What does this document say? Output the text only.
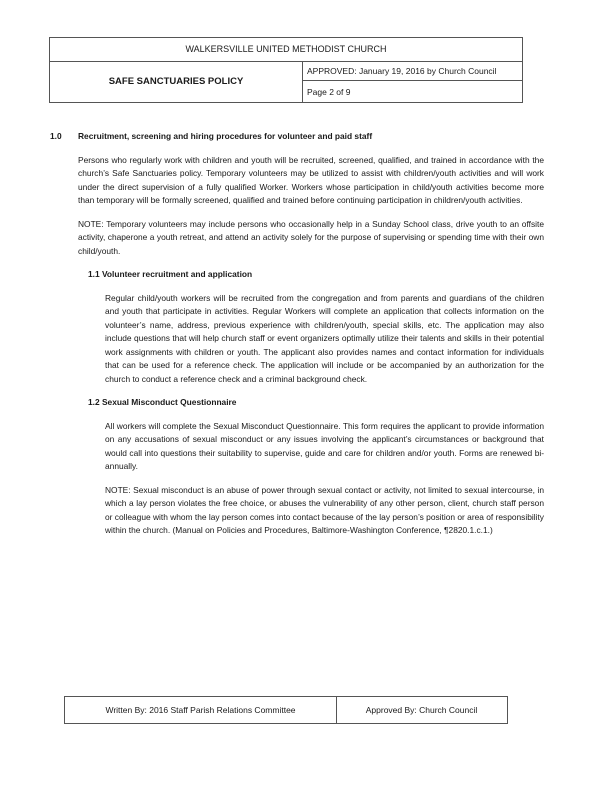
WALKERSVILLE UNITED METHODIST CHURCH
SAFE SANCTUARIES POLICY
APPROVED: January 19, 2016 by Church Council
Page 2 of 9
1.0	Recruitment, screening and hiring procedures for volunteer and paid staff

Persons who regularly work with children and youth will be recruited, screened, qualified, and trained in accordance with the church’s Safe Sanctuaries policy. Temporary volunteers may be utilized to assist with children/youth activities and will work under the direct supervision of a fully qualified Worker. Workers whose participation in child/youth activities become more than temporary will be formally screened, qualified and trained before continuing participation in children/youth activities.

NOTE: Temporary volunteers may include persons who occasionally help in a Sunday School class, drive youth to an offsite activity, chaperone a youth retreat, and attend an activity solely for the purpose of supervising or spending time with their own child/youth.

1.1 Volunteer recruitment and application

Regular child/youth workers will be recruited from the congregation and from parents and guardians of the children and youth that participate in activities. Regular Workers will complete an application that collects information on the volunteer’s name, address, previous experience with children/youth, special skills, etc. The application may also include questions that will help church staff or event organizers optimally utilize their talents and skills in their potential work assignments with children or youth. The applicant also provides names and contact information for individuals that can be used for a reference check. The application will include or be accompanied by an authorization for the church to conduct a reference check and a criminal background check.

1.2 Sexual Misconduct Questionnaire

All workers will complete the Sexual Misconduct Questionnaire. This form requires the applicant to provide information on any accusations of sexual misconduct or any issues involving the applicant’s circumstances or background that would call into questions their suitability to supervise, guide and care for children and/or youth. Forms are renewed bi-annually.

NOTE: Sexual misconduct is an abuse of power through sexual contact or activity, not limited to sexual intercourse, in which a lay person violates the free choice, or abuses the vulnerability of any other person, client, church staff person or colleague with whom the lay person comes into contact because of the lay person’s position or area of responsibility within the church. (Manual on Policies and Procedures, Baltimore-Washington Conference, ¶2820.1.c.1.)

Written By: 2016 Staff Parish Relations Committee	Approved By: Church Council
